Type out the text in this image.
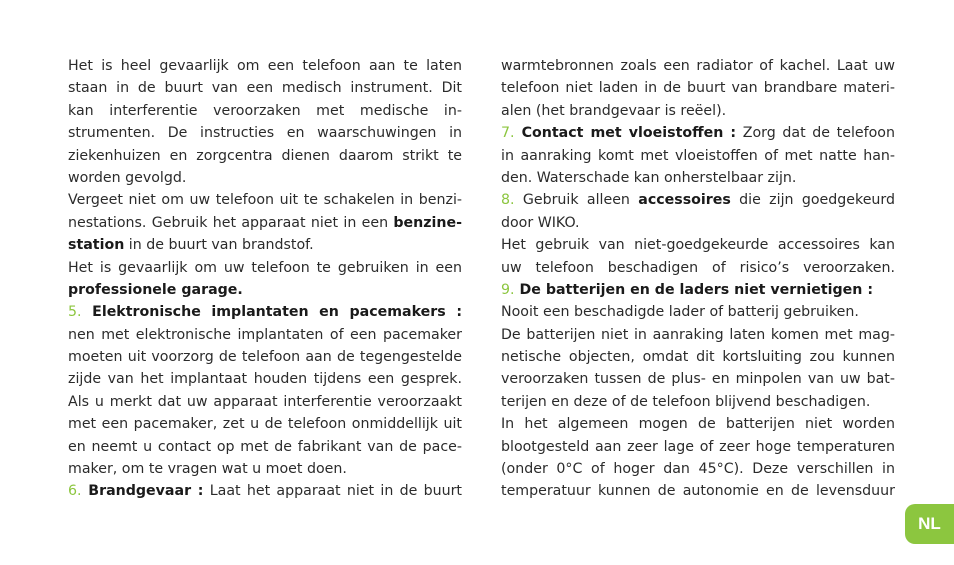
Het is heel gevaarlijk om een telefoon aan te laten
staan in de buurt van een medisch instrument. Dit
kan interferentie veroorzaken met medische in-
strumenten. De instructies en waarschuwingen in
ziekenhuizen en zorgcentra dienen daarom strikt te
worden gevolgd.
Vergeet niet om uw telefoon uit te schakelen in benzi-
nestations. Gebruik het apparaat niet in een benzine-
station in de buurt van brandstof.
Het is gevaarlijk om uw telefoon te gebruiken in een
professionele garage.
5. Elektronische implantaten en pacemakers :
nen met elektronische implantaten of een pacemaker
moeten uit voorzorg de telefoon aan de tegengestelde
zijde van het implantaat houden tijdens een gesprek.
Als u merkt dat uw apparaat interferentie veroorzaakt
met een pacemaker, zet u de telefoon onmiddellijk uit
en neemt u contact op met de fabrikant van de pace-
maker, om te vragen wat u moet doen.
6. Brandgevaar : Laat het apparaat niet in de buurt
warmtebronnen zoals een radiator of kachel. Laat uw
telefoon niet laden in de buurt van brandbare materi-
alen (het brandgevaar is reëel).
7. Contact met vloeistoffen : Zorg dat de telefoon
in aanraking komt met vloeistoffen of met natte han-
den. Waterschade kan onherstelbaar zijn.
8. Gebruik alleen accessoires die zijn goedgekeurd
door WIKO.
Het gebruik van niet-goedgekeurde accessoires kan
uw telefoon beschadigen of risico’s veroorzaken.
9. De batterijen en de laders niet vernietigen :
Nooit een beschadigde lader of batterij gebruiken.
De batterijen niet in aanraking laten komen met mag-
netische objecten, omdat dit kortsluiting zou kunnen
veroorzaken tussen de plus- en minpolen van uw bat-
terijen en deze of de telefoon blijvend beschadigen.
In het algemeen mogen de batterijen niet worden
blootgesteld aan zeer lage of zeer hoge temperaturen
(onder 0°C of hoger dan 45°C). Deze verschillen in
temperatuur kunnen de autonomie en de levensduur
NL
